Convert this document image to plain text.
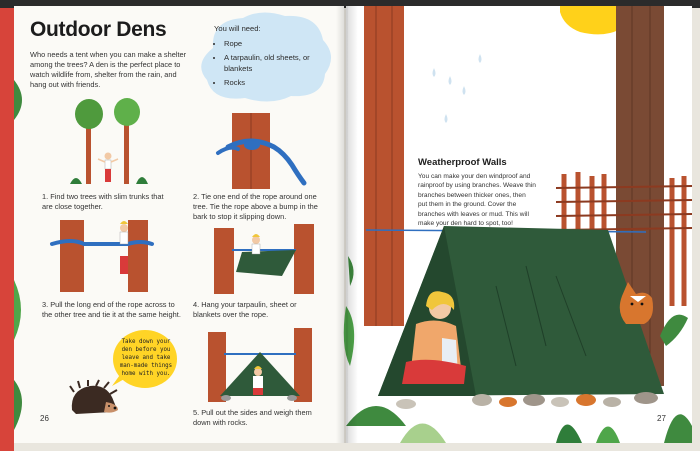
You will need:
• Rope
• A tarpaulin, old sheets, or blankets
• Rocks
Outdoor Dens
Who needs a tent when you can make a shelter among the trees? A den is the perfect place to watch wildlife from, shelter from the rain, and hang out with friends.
1. Find two trees with slim trunks that are close together.
2. Tie one end of the rope around one tree. Tie the rope above a bump in the bark to stop it slipping down.
3. Pull the long end of the rope across to the other tree and tie it at the same height.
4. Hang your tarpaulin, sheet or blankets over the rope.
Take down your den before you leave and take man-made things home with you.
5. Pull out the sides and weigh them down with rocks.
26
Weatherproof Walls
You can make your den windproof and rainproof by using branches. Weave thin branches between thicker ones, then put them in the ground. Cover the branches with leaves or mud. This will make your den hard to spot, too!
27
